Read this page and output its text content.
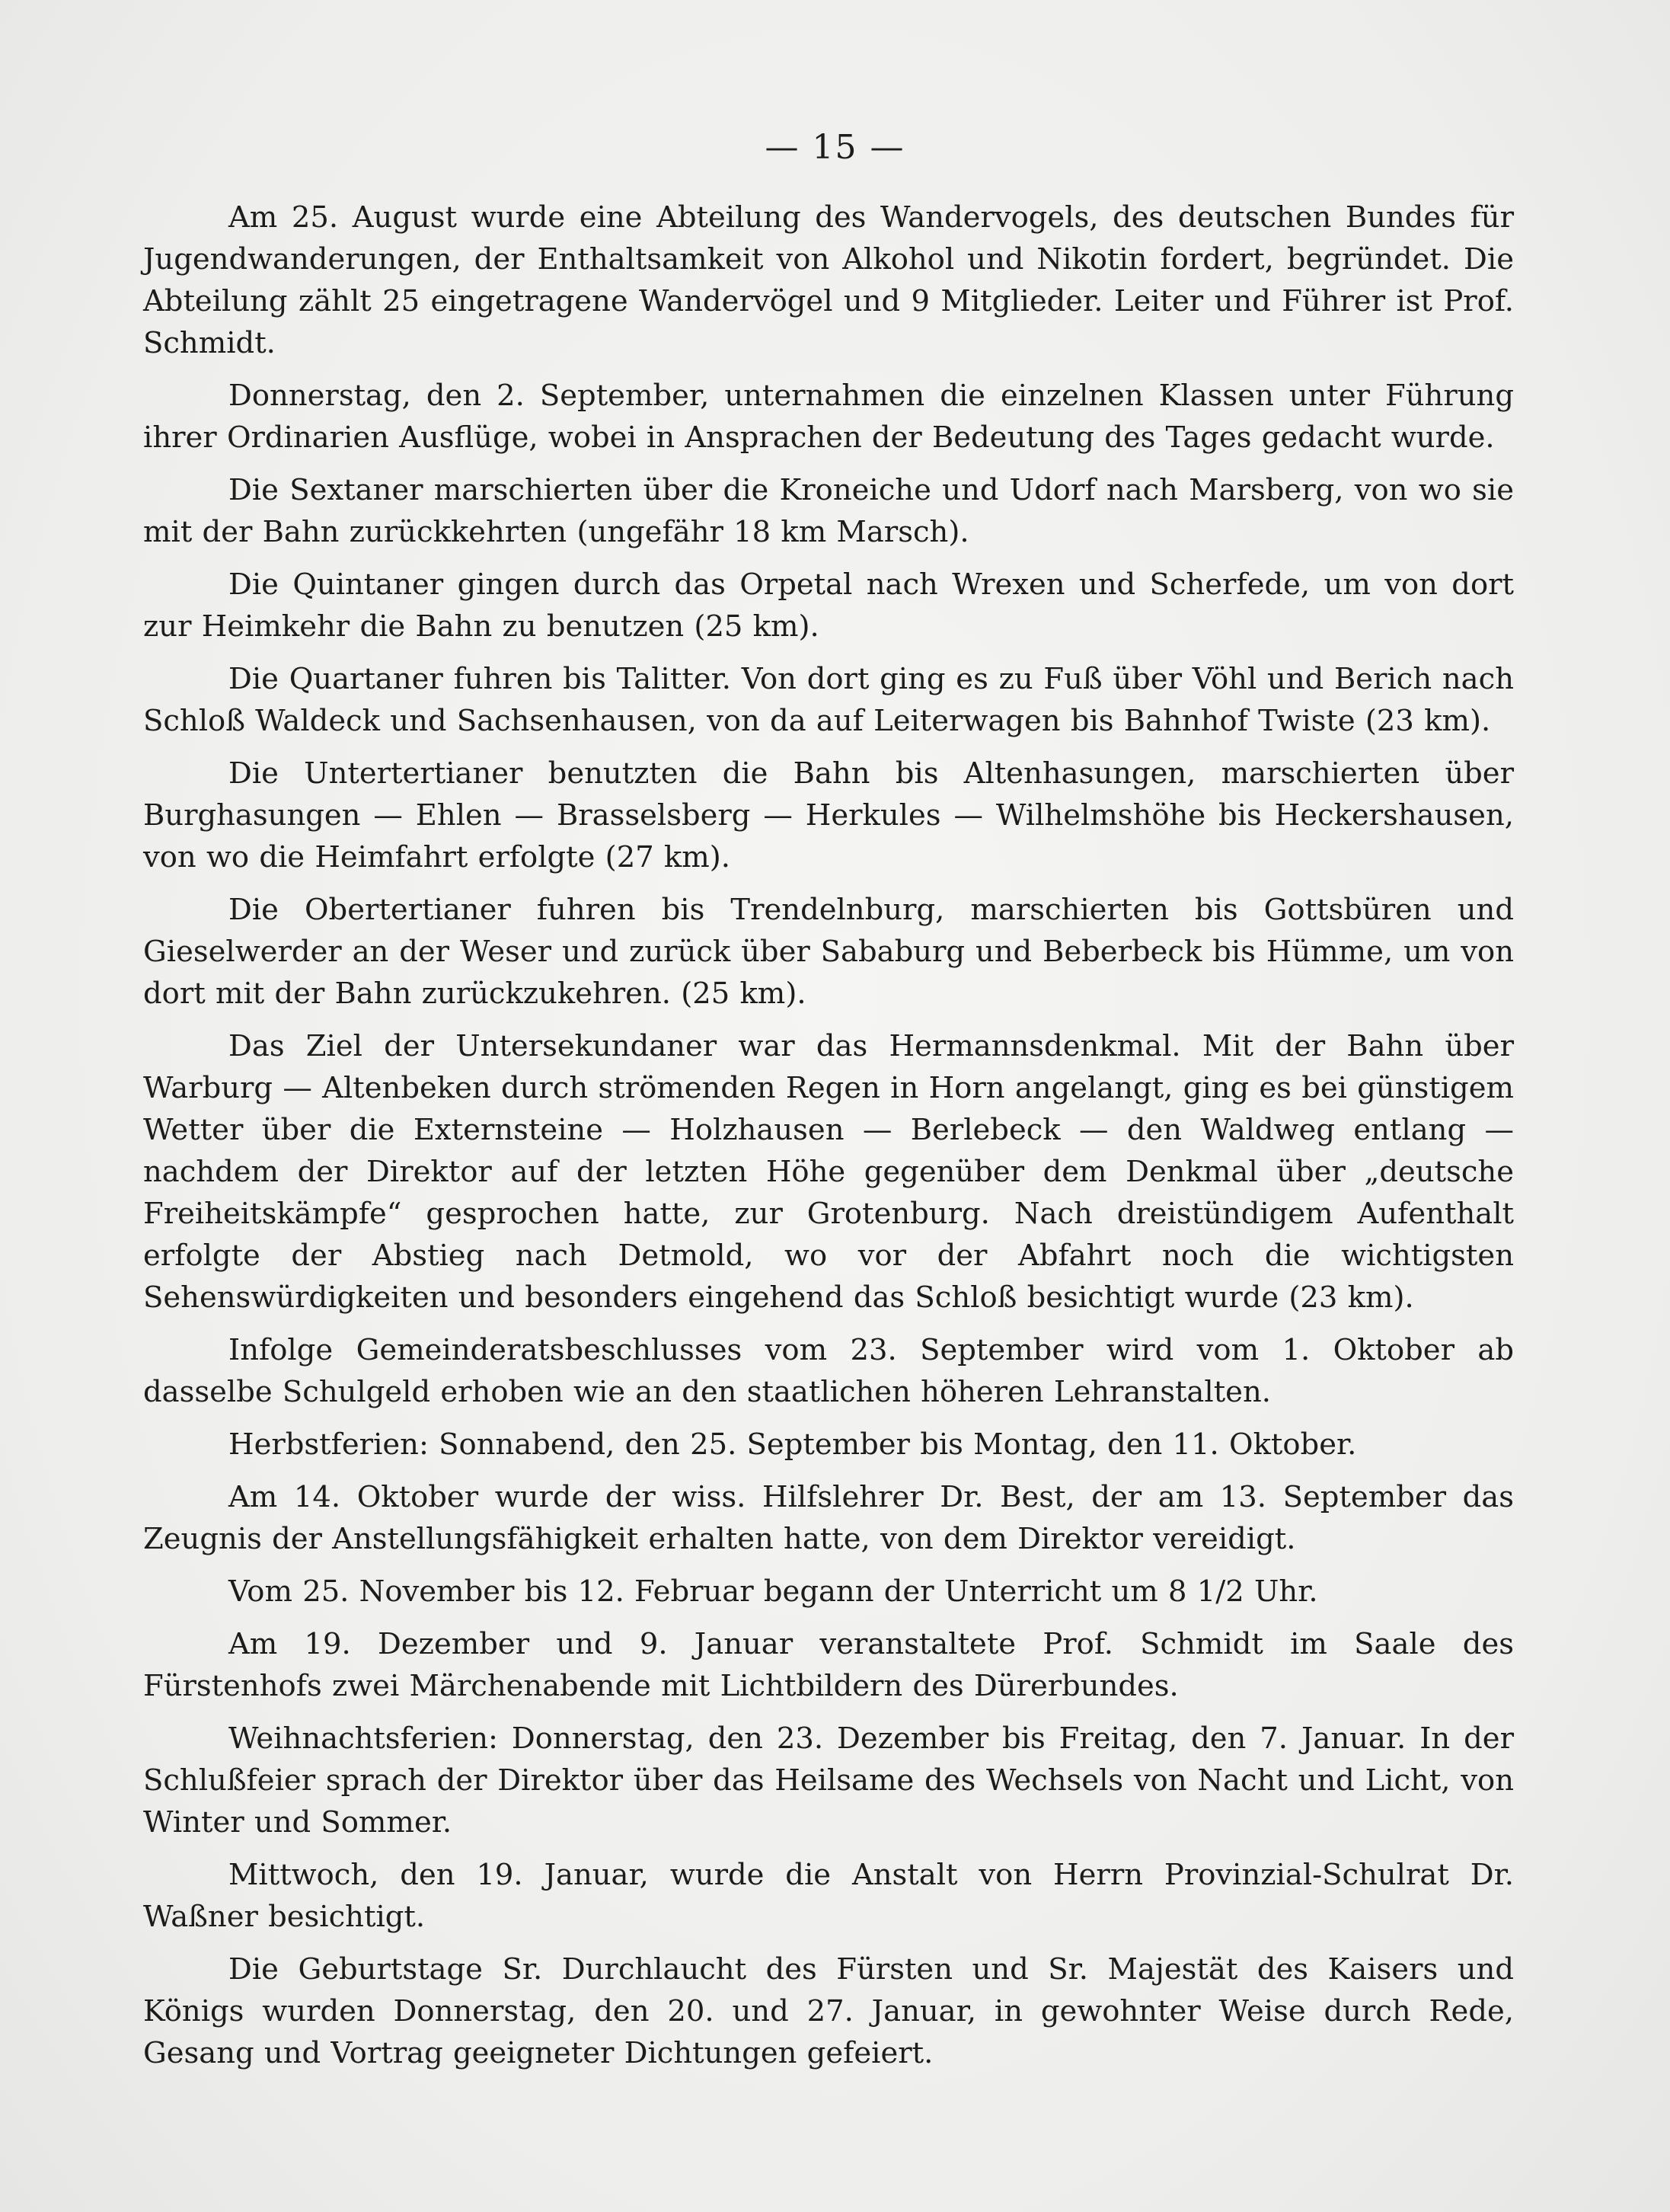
— 15 —

Am 25. August wurde eine Abteilung des Wandervogels, des deutschen Bundes für Jugendwanderungen, der Enthaltsamkeit von Alkohol und Nikotin fordert, begründet. Die Abteilung zählt 25 eingetragene Wandervögel und 9 Mitglieder. Leiter und Führer ist Prof. Schmidt.

Donnerstag, den 2. September, unternahmen die einzelnen Klassen unter Führung ihrer Ordinarien Ausflüge, wobei in Ansprachen der Bedeutung des Tages gedacht wurde.

Die Sextaner marschierten über die Kroneiche und Udorf nach Marsberg, von wo sie mit der Bahn zurückkehrten (ungefähr 18 km Marsch).

Die Quintaner gingen durch das Orpetal nach Wrexen und Scherfede, um von dort zur Heimkehr die Bahn zu benutzen (25 km).

Die Quartaner fuhren bis Talitter. Von dort ging es zu Fuß über Vöhl und Berich nach Schloß Waldeck und Sachsenhausen, von da auf Leiterwagen bis Bahnhof Twiste (23 km).

Die Untertertianer benutzten die Bahn bis Altenhasungen, marschierten über Burghasungen — Ehlen — Brasselsberg — Herkules — Wilhelmshöhe bis Heckershausen, von wo die Heimfahrt erfolgte (27 km).

Die Obertertianer fuhren bis Trendelnburg, marschierten bis Gottsbüren und Gieselwerder an der Weser und zurück über Sababurg und Beberbeck bis Hümme, um von dort mit der Bahn zurückzukehren. (25 km).

Das Ziel der Untersekundaner war das Hermannsdenkmal. Mit der Bahn über Warburg — Altenbeken durch strömenden Regen in Horn angelangt, ging es bei günstigem Wetter über die Externsteine — Holzhausen — Berlebeck — den Waldweg entlang — nachdem der Direktor auf der letzten Höhe gegenüber dem Denkmal über „deutsche Freiheitskämpfe“ gesprochen hatte, zur Grotenburg. Nach dreistündigem Aufenthalt erfolgte der Abstieg nach Detmold, wo vor der Abfahrt noch die wichtigsten Sehenswürdigkeiten und besonders eingehend das Schloß besichtigt wurde (23 km).

Infolge Gemeinderatsbeschlusses vom 23. September wird vom 1. Oktober ab dasselbe Schulgeld erhoben wie an den staatlichen höheren Lehranstalten.

Herbstferien: Sonnabend, den 25. September bis Montag, den 11. Oktober.

Am 14. Oktober wurde der wiss. Hilfslehrer Dr. Best, der am 13. September das Zeugnis der Anstellungsfähigkeit erhalten hatte, von dem Direktor vereidigt.

Vom 25. November bis 12. Februar begann der Unterricht um 8 1/2 Uhr.

Am 19. Dezember und 9. Januar veranstaltete Prof. Schmidt im Saale des Fürstenhofs zwei Märchenabende mit Lichtbildern des Dürerbundes.

Weihnachtsferien: Donnerstag, den 23. Dezember bis Freitag, den 7. Januar. In der Schlußfeier sprach der Direktor über das Heilsame des Wechsels von Nacht und Licht, von Winter und Sommer.

Mittwoch, den 19. Januar, wurde die Anstalt von Herrn Provinzial-Schulrat Dr. Waßner besichtigt.

Die Geburtstage Sr. Durchlaucht des Fürsten und Sr. Majestät des Kaisers und Königs wurden Donnerstag, den 20. und 27. Januar, in gewohnter Weise durch Rede, Gesang und Vortrag geeigneter Dichtungen gefeiert.
